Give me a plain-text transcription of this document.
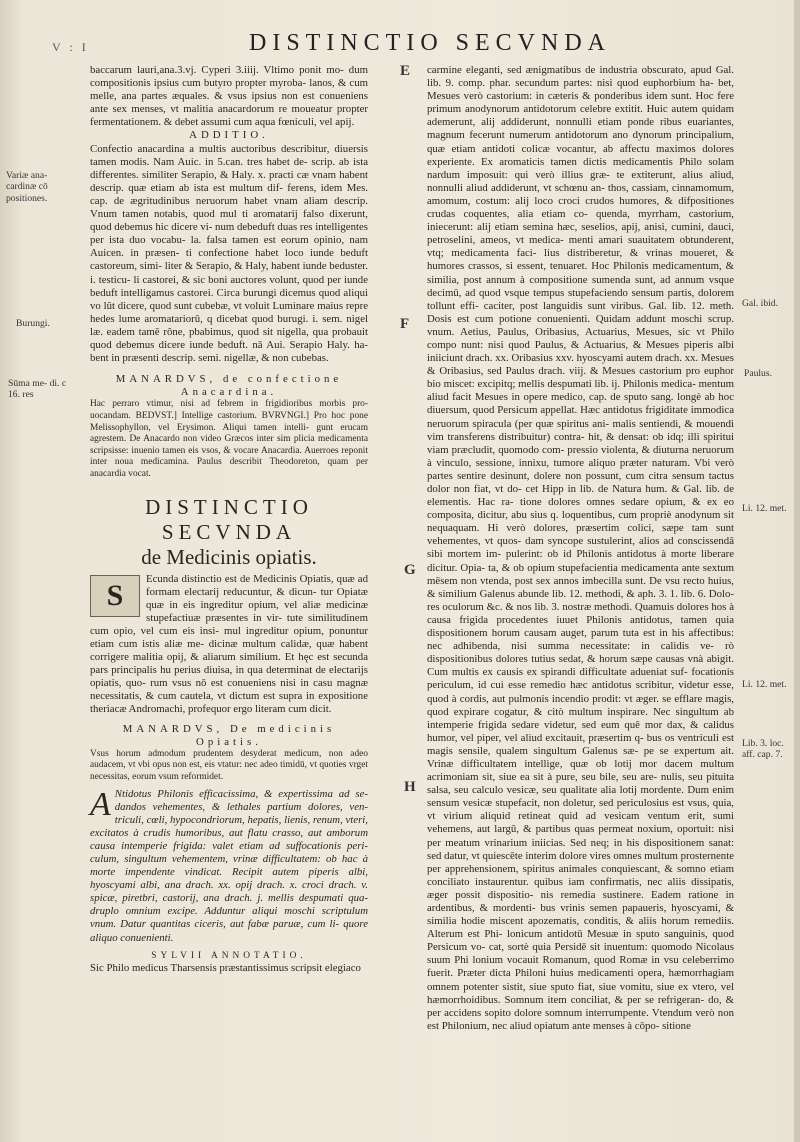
V : I	DISTINCTIO SECVNDA

baccarum lauri,ana.3.vj. Cyperi 3.iiij. Vltimo ponit mo- dum compositionis ipsius cum butyro propter myroba- lanos, & cum melle, ana partes æquales. & vsus ipsius non est conueniens ante sex menses, vt malitia anacardorum re moueatur propter fermentationem. & debet assumi cum aqua fœniculi, vel apij.

ADDITIO.

Confectio anacardina a multis auctoribus describitur, diuersis tamen modis. Nam Auic. in 5.can. tres habet de- scrip. ab ista differentes. similiter Serapio, & Haly. x. practi cæ vnam habent descrip. quæ etiam ab ista est multum dif- ferens, idem Mes. cap. de ægritudinibus neruorum habet vnam aliam descrip. Vnum tamen notabis, quod mul ti aromatarij falso dixerunt, quod debemus hic dicere vi- num debeduft duas res intelligentes per ista duo vocabu- la. falsa tamen est eorum opinio, nam Auicen. in præsen- ti confectione habet loco iunde beduft castoreum, simi- liter & Serapio, & Haly, habent iunde beduster. i. testicu- li castorei, & sic boni auctores volunt, quod per iunde beduft intelligamus castorei. Circa burungi dicemus quod aliqui vo lût dicere, quod sunt cubebæ, vt voluit Luminare maius repre hedes lume aromatariorû, q dicebat quod burugi. i. sem. nigel læ. eadem tamē rône, pbabimus, quod sit nigella, qua probauit quod debemus dicere iunde beduft. nā Aui. Serapio Haly. ha- bent in præsenti descrip. semi. nigellæ, & non cubebas.

MANARDVS, de confectione Anacardina.

Hac perraro vtimur, nisi ad febrem in frigidioribus morbis pro- uocandam. BEDVST.] Intellige castorium. BVRVNGI.] Pro hoc pone Melissophyllon, vel Erysimon. Aliqui tamen intelli- gunt erucam agrestem. De Anacardo non video Græcos inter sim plicia medicamenta scripsisse: inuenio tamen eis vsos, & vocare Anacardia. Auerroes reponit inter noua medicamina. Paulus describit Theodoreton, quam per anacardia vocat.

DISTINCTIO SECVNDA
de Medicinis opiatis.

S
Ecunda distinctio est de Medicinis Opiatis, quæ ad formam electarij reducuntur, & dicun- tur Opiatæ quæ in eis ingreditur opium, vel aliæ medicinæ stupefactiuæ præsentes in vir- tute similitudinem cum opio, vel cum eis insi- mul ingreditur opium, ponuntur etiam cum istis aliæ me- dicinæ multum calidæ, quæ habent corrigere malitia opij, & aliarum similium. Et hęc est secunda pars principalis hu perius diuisa, in qua determinat de electarijs opiatis, quo- rum vsus nō est conueniens nisi in casu magnæ necessitatis, & cum cautela, vt dictum est supra in expositione theriacæ Andromachi, profequor ergo literam cum dicit.

MANARDVS, De medicinis Opiatis.

Vsus horum admodum prudentem desyderat medicum, non adeo audacem, vt vbi opus non est, eis vtatur: nec adeo timidū, vt quoties vrget necessitas, eorum vsum reformidet.

A Ntidotus Philonis efficacissima, & expertissima ad se- dandos vehementes, & lethales partium dolores, ven- triculi, cœli, hypocondriorum, hepatis, lienis, renum, vteri, excitatos à crudis humoribus, aut flatu crasso, aut amborum causa intemperie frigida: valet etiam ad suffocationis peri- culum, singultum vehementem, vrinæ difficultatem: ob hac à morte impendente vindicat. Recipit autem piperis albi, hyoscyami albi, ana drach. xx. opij drach. x. croci drach. v. spicæ, piretbri, castorij, ana drach. j. mellis despumati qua- druplo omnium excipe. Adduntur aliqui moschi scriptulum vnum. Datur quantitas ciceris, aut fabæ paruæ, cum li- quore aliquo conuenienti.

SYLVII ANNOTATIO.

Sic Philo medicus Tharsensis præstantissimus scripsit elegiaco

carmine eleganti, sed ænigmatibus de industria obscurato, apud Gal. lib. 9. comp. phar. secundum partes: nisi quod euphorbium ha- bet, Mesues verò castorium: in cæteris & ponderibus idem sunt. Hoc fere primum anodynorum antidotorum celebre extitit. Huic autem quidam ademerunt, alij addiderunt, nonnulli etiam ponde ribus euariantes, magnum fecerunt numerum antidotorum ano dynorum principalium, quæ etiam antidoti colicæ vocantur, ab affectu maximos dolores experiente. Ex aromaticis tamen dictis medicamentis Philo solam nardum imposuit: qui verò illius græ- te extiterunt, alius aliud, nonnulli aliud addiderunt, vt schœnu an- thos, cassiam, cinnamomum, amomum, costum: alij loco croci crudos humores, & difpositiones crudas coquentes, alia etiam co- quenda, myrrham, castorium, iniecerunt: alij etiam semina hæc, seselios, apij, anisi, cumini, dauci, petroselini, ameos, vt medica- menti amari suauitatem obtunderent, vtq; medicamenta faci- lius distriberetur, & vrinas moueret, & humores crassos, si essent, tenuaret. Hoc Philonis medicamentum, & similia, post annum à compositione sumenda sunt, ad annum vsque decimū, ad quod vsque tempus stupefaciendo sensum partis, dolorem tollunt effi- caciter, post languidis sunt viribus. Gal. lib. 12. meth. Dosis est cum potione conuenienti. Quidam addunt moschi scrup. vnum. Aetius, Paulus, Oribasius, Actuarius, Mesues, sic vt Philo compo nunt: nisi quod Paulus, & Actuarius, & Mesues piperis albi iniiciunt drach. xx. Oribasius xxv. hyoscyami autem drach. xx. Mesues & Oribasius, sed Paulus drach. viij. & Mesues castorium pro euphor bio miscet: excipitq; mellis despumati lib. ij. Philonis medica- mentum aliud facit Mesues in opere medico, cap. de sputo sang. longè ab hoc diuersum, quod Persicum appellat. Hæc antidotus frigiditate immodica neruorum spiracula (per quæ spiritus ani- malis sentiendi, & mouendi vim transferens distribuitur) contra- hit, & densat: ob idq; illi spiritui viam præcludit, quomodo com- pressio violenta, & diuturna neruorum à vinculo, sessione, innixu, tumore aliquo præter naturam. Vbi verò partes sentire desinunt, dolere non possunt, cum citra sensum tactus dolor non fiat, vt do- cet Hipp in lib. de Natura hum. & Gal. lib. de elementis. Hac ra- tione dolores omnes sedare opium, & ex eo composita, dicitur, abu sius q. loquentibus, cum propriè anodynum sit nequaquam. Hi verò dolores, præsertim colici, sæpe tam sunt vehementes, vt quos- dam syncope sustulerint, alios ad conscissendā sibi mortem im- pulerint: ob id Philonis antidotus à morte liberare dicitur. Opia- ta, & ob opium stupefacientia medicamenta ante sextum mēsem non vtenda, post sex annos imbecilla sunt. De vsu recto huius, & similium Galenus abunde lib. 12. methodi, & aph. 3. 1. lib. 6. Dolo- res oculorum &c. & nos lib. 3. nostræ methodi. Quamuis dolores hos à causa frigida procedentes iuuet Philonis antidotus, tamen quia dispositionem horum causam auget, parum tuta est in his affectibus: nec adhibenda, nisi summa necessitate: in calidis ve- rò dispositionibus dolores tutius sedat, & horum sæpe causas vnà abigit. Cum multis ex causis ex spirandi difficultate adueniat suf- focationis periculum, id cui esse remedio hæc antidotus scribitur, videtur esse, quod à cordis, aut pulmonis incendio prodit: vt æger. se efflare magis, quod expirare cogatur, & citò multum inspirare. Nec singultum ab intemperie frigida sedare videtur, sed eum quē mor dax, & calidus humor, vel piper, vel aliud excitauit, præsertim q- bus os ventriculi est magis sensile, qualem singultum Galenus sæ- pe se expertum ait. Vrinæ difficultatem intellige, quæ ob lotij mor dacem multum acrimoniam sit, siue ea sit à pure, seu bile, seu are- nulis, seu pituita salsa, seu calculo vesicæ, seu qualitate alia lotij mordente. Dum enim sensum vesicæ stupefacit, non doletur, sed periculosius est vsus, quia, vt virium aliquid retineat quid ad vesicam ventum erit, sumi vehemens, aut largū, & partibus quas permeat noxium, oportuit: nisi per meatum vrinarium iniicias. Sed neq; in his dispositionem sanat: sed datur, vt quiescēte interim dolore vires omnes multum prosternente per apprehensionem, spiritus animales conquiescant, & somno etiam conciliato instaurentur. quibus iam confirmatis, nec aliis dissipatis, æger possit dispositio- nis remedia sustinere. Eadem ratione in ardentibus, & mordenti- bus vrinis semen papaueris, hyoscyami, & similia hodie miscent apozematis, conditis, & aliis horum remediis. Alterum est Phi- lonicum antidotū Mesuæ in sputo sanguinis, quod Persicum vo- cat, sortè quia Persidē sit inuentum: quomodo Nicolaus suum Phi lonium vocauit Romanum, quod Romæ in vsu celeberrimo fuerit. Præter dicta Philoni huius medicamenti opera, hæmorrhagiam omnem potenter sistit, siue sputo fiat, siue vomitu, siue ex vtero, vel hæmorrhoidibus. Somnum item conciliat, & per se refrigeran- do, & per accidens sopito dolore somnum interrumpente. Vtendum verò non est Philonium, nec aliud opiatum ante menses à cōpo- sitione

Variæ ana- cardinæ cō positiones.
Burungi.
Sūma me- di. c 16. res
Gal. ibid.
Paulus.
Li. 12. met.
Li. 12. met.
Lib. 3. loc. aff. cap. 7.
E
F
G
H
